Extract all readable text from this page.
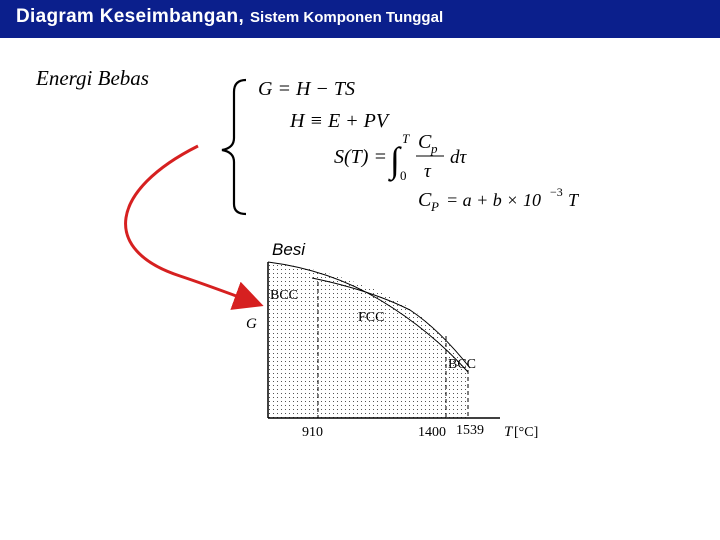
Diagram Keseimbangan, Sistem Komponen Tunggal
Energi Bebas
Besi
G = H − TS
H ≡ E + PV
S(T) =
T
∫ 0
C p
τ
dτ
C P = a + b × 10 −3 T
BCC
FCC
BCC
G
910	1400 1539 T [°C]
